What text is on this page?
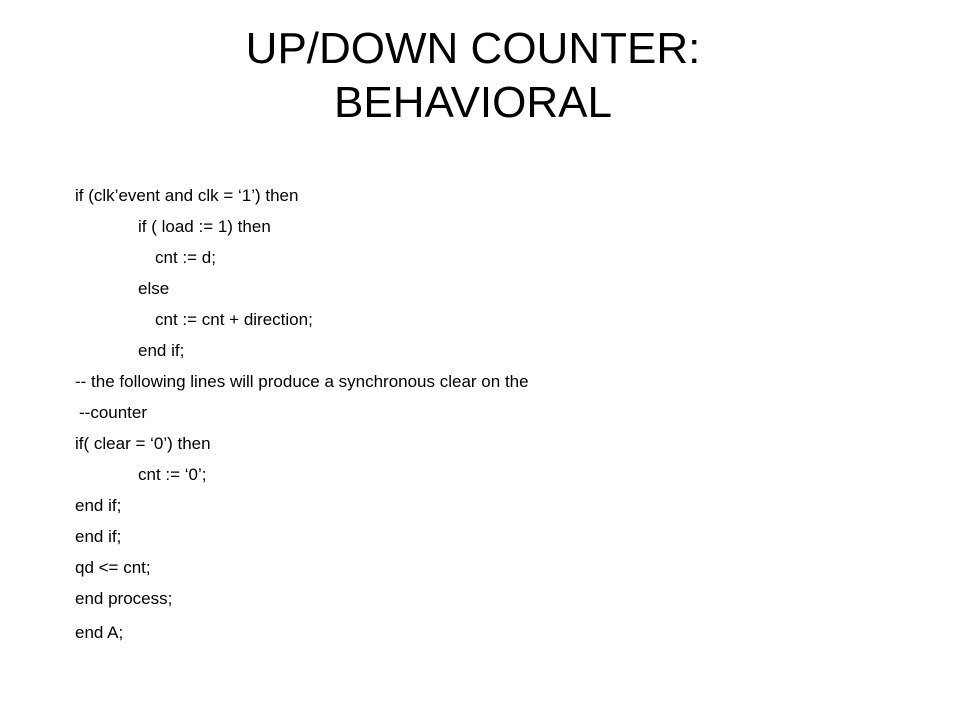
UP/DOWN COUNTER:
BEHAVIORAL
if (clk’event and clk = ‘1’) then
if ( load := 1) then
cnt := d;
else
cnt := cnt + direction;
end if;
-- the following lines will produce a synchronous clear on the
--counter
if( clear = ‘0’) then
cnt := ‘0’;
end if;
end if;
qd <= cnt;
end process;
end A;
